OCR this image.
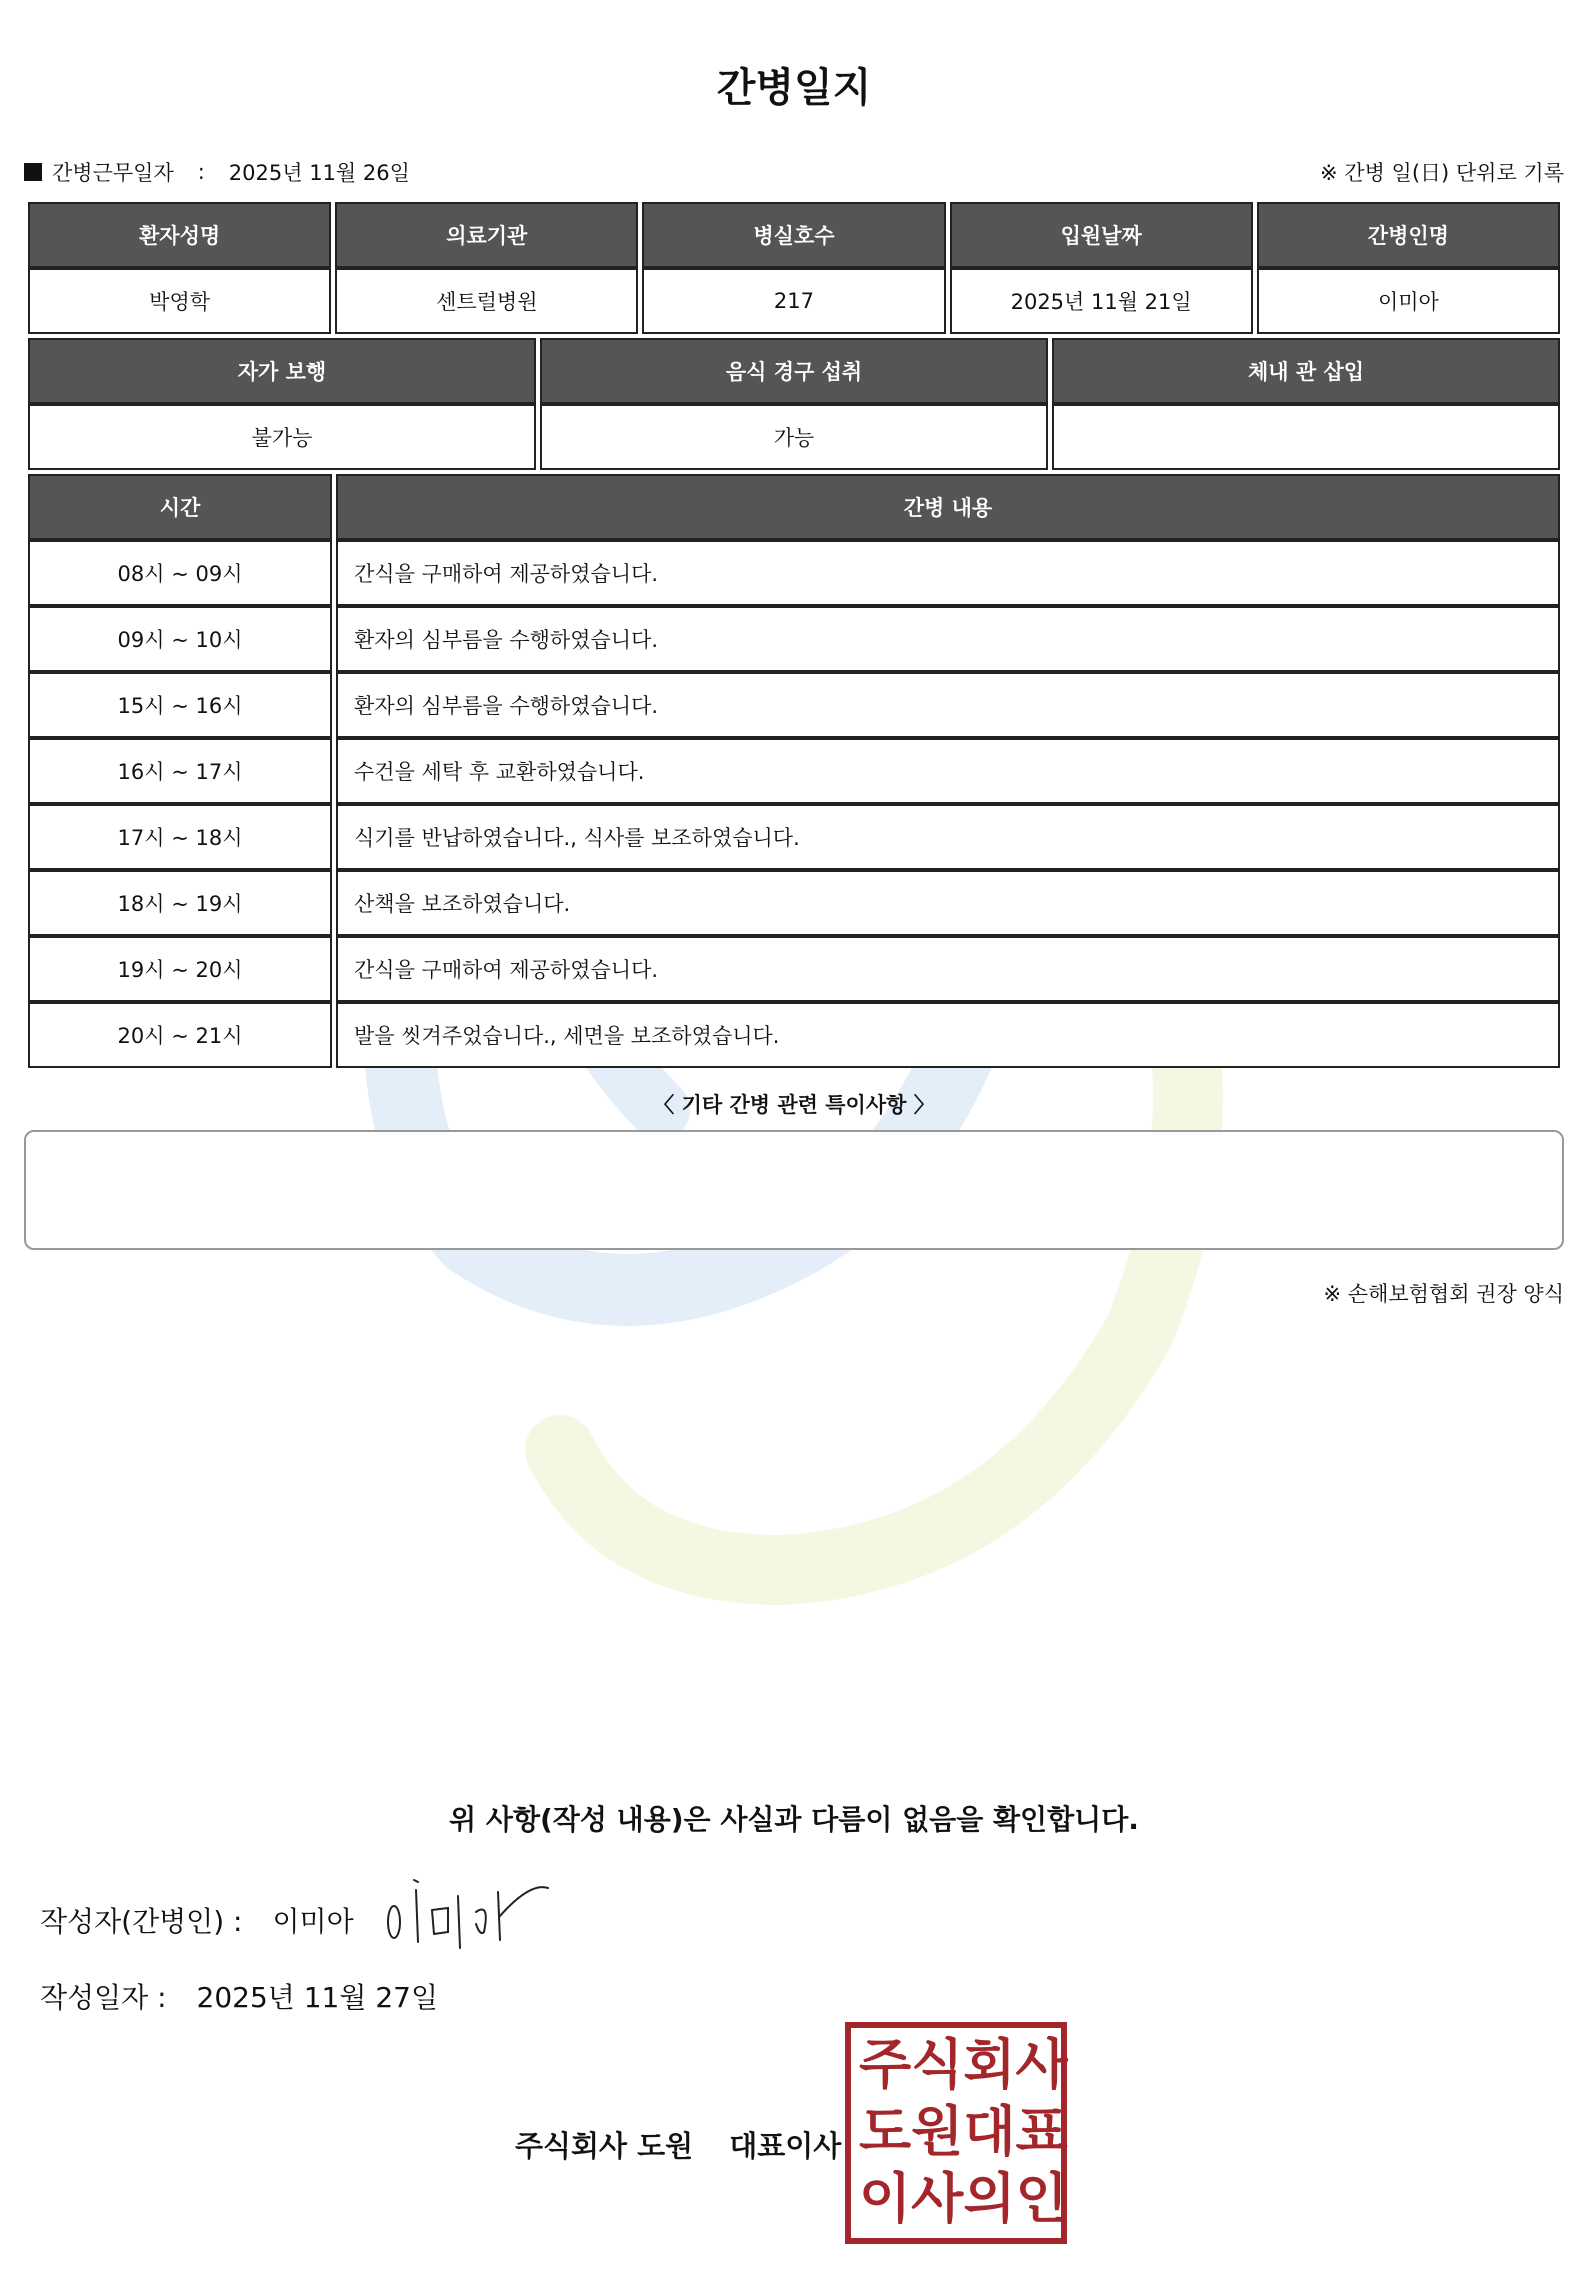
간병일지
간병근무일자 : 2025년 11월 26일	※ 간병 일(日) 단위로 기록
환자성명	의료기관	병실호수	입원날짜	간병인명
박영학	센트럴병원	217	2025년 11월 21일	이미아
자가 보행	음식 경구 섭취	체내 관 삽입
불가능	가능	
시간	간병 내용
08시 ~ 09시	간식을 구매하여 제공하였습니다.
09시 ~ 10시	환자의 심부름을 수행하였습니다.
15시 ~ 16시	환자의 심부름을 수행하였습니다.
16시 ~ 17시	수건을 세탁 후 교환하였습니다.
17시 ~ 18시	식기를 반납하였습니다., 식사를 보조하였습니다.
18시 ~ 19시	산책을 보조하였습니다.
19시 ~ 20시	간식을 구매하여 제공하였습니다.
20시 ~ 21시	발을 씻겨주었습니다., 세면을 보조하였습니다.
〈 기타 간병 관련 특이사항 〉
※ 손해보험협회 권장 양식
위 사항(작성 내용)은 사실과 다름이 없음을 확인합니다.
작성자(간병인) : 이미아
작성일자 : 2025년 11월 27일
주식회사 도원 대표이사
주 식 회 사
도 원 대 표
이 사 의 인
